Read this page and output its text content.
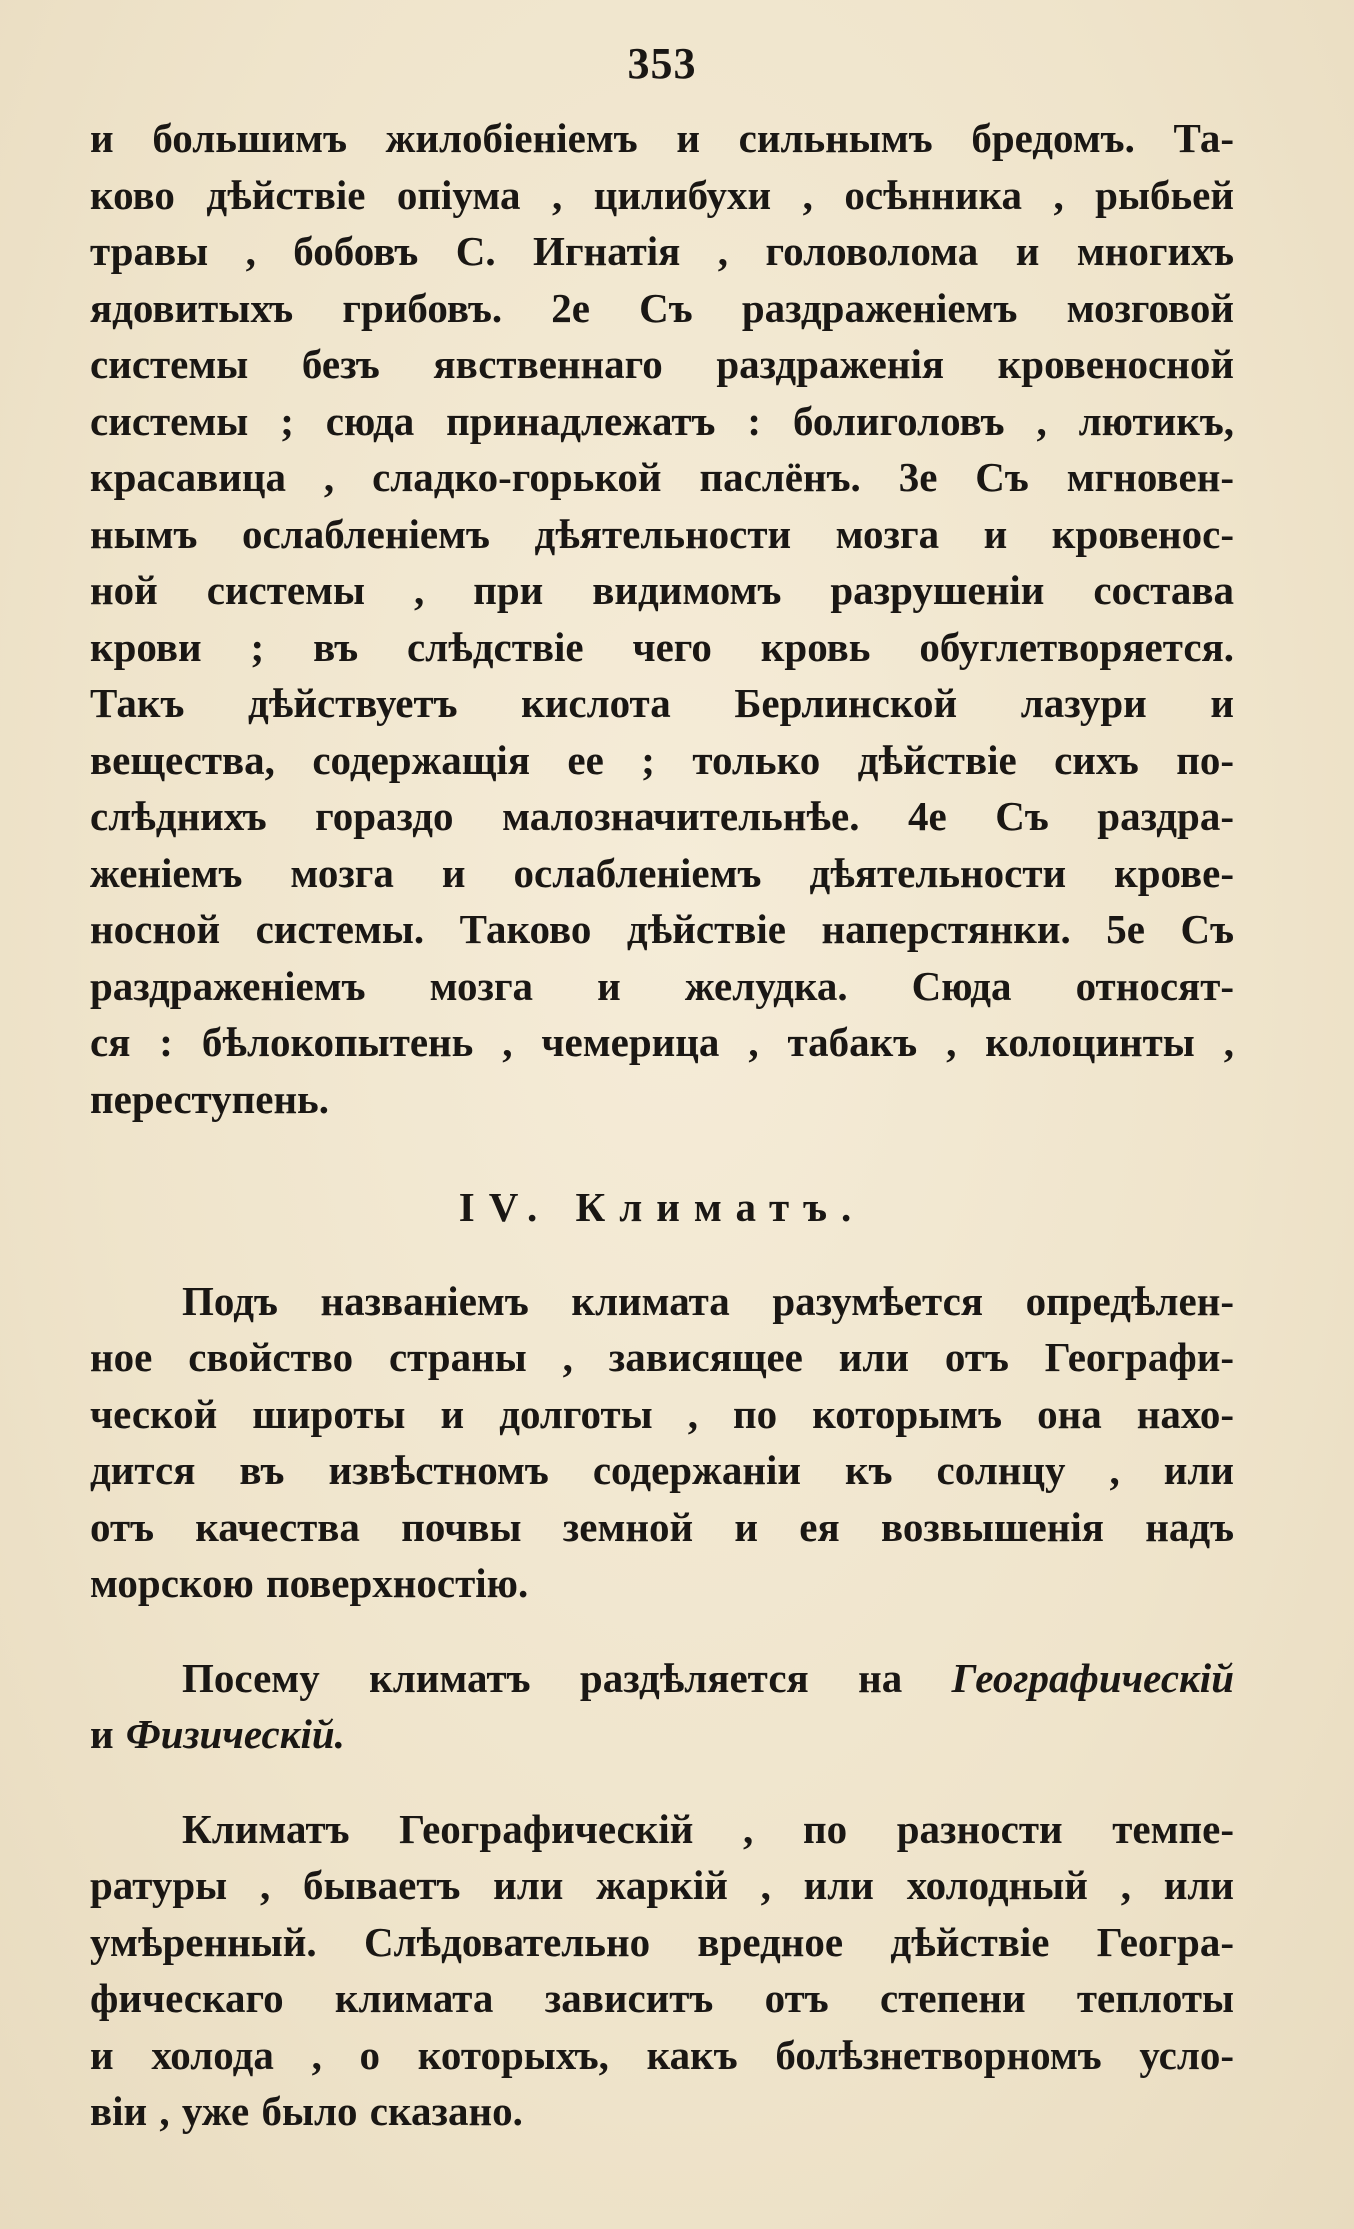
353
и большимъ жилобіеніемъ и сильнымъ бредомъ. Та-
ково дѣйствіе опіума , цилибухи , осѣнника , рыбьей
травы , бобовъ С. Игнатія , головолома и многихъ
ядовитыхъ грибовъ. 2е Съ раздраженіемъ мозговой
системы безъ явственнаго раздраженія кровеносной
системы ; сюда принадлежатъ : болиголовъ , лютикъ,
красавица , сладко-горькой паслёнъ. 3е Съ мгновен-
нымъ ослабленіемъ дѣятельности мозга и кровенос-
ной системы , при видимомъ разрушеніи состава
крови ; въ слѣдствіе чего кровь обуглетворяется.
Такъ дѣйствуетъ кислота Берлинской лазури и
вещества, содержащія ее ; только дѣйствіе сихъ по-
слѣднихъ гораздо малозначительнѣе. 4е Съ раздра-
женіемъ мозга и ослабленіемъ дѣятельности крове-
носной системы. Таково дѣйствіе наперстянки. 5е Съ
раздраженіемъ мозга и желудка. Сюда относят-
ся : бѣлокопытень , чемерица , табакъ , колоцинты ,
переступень.
IV. Климатъ.
Подъ названіемъ климата разумѣется опредѣлен-
ное свойство страны , зависящее или отъ Географи-
ческой широты и долготы , по которымъ она нахо-
дится въ извѣстномъ содержаніи къ солнцу , или
отъ качества почвы земной и ея возвышенія надъ
морскою поверхностію.
Посему климатъ раздѣляется на Географическій
и Физическій.
Климатъ Географическій , по разности темпе-
ратуры , бываетъ или жаркій , или холодный , или
умѣренный. Слѣдовательно вредное дѣйствіе Геогра-
фическаго климата зависитъ отъ степени теплоты
и холода , о которыхъ, какъ болѣзнетворномъ усло-
віи , уже было сказано.
